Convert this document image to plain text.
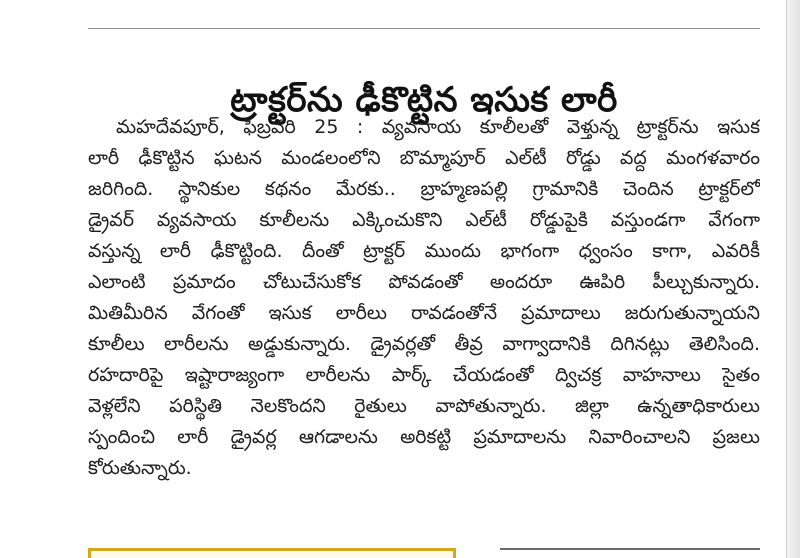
ట్రాక్టర్‌ను ఢీకొట్టిన ఇసుక లారీ
మహదేవపూర్, ఫిబ్రవరి 25 : వ్యవసాయ కూలీలతో వెళ్తున్న ట్రాక్టర్‌ను ఇసుక
లారీ ఢీకొట్టిన ఘటన మండలంలోని బొమ్మాపూర్ ఎల్‌టీ రోడ్డు వద్ద మంగళవారం
జరిగింది. స్థానికుల కథనం మేరకు.. బ్రాహ్మణపల్లి గ్రామానికి చెందిన ట్రాక్టర్‌లో
డ్రైవర్ వ్యవసాయ కూలీలను ఎక్కించుకొని ఎల్‌టీ రోడ్డుపైకి వస్తుండగా వేగంగా
వస్తున్న లారీ ఢీకొట్టింది. దీంతో ట్రాక్టర్ ముందు భాగంగా ధ్వంసం కాగా, ఎవరికీ
ఎలాంటి ప్రమాదం చోటుచేసుకోక పోవడంతో అందరూ ఊపిరి పీల్చుకున్నారు.
మితిమీరిన వేగంతో ఇసుక లారీలు రావడంతోనే ప్రమాదాలు జరుగుతున్నాయని
కూలీలు లారీలను అడ్డుకున్నారు. డ్రైవర్లతో తీవ్ర వాగ్వాదానికి దిగినట్లు తెలిసింది.
రహదారిపై ఇష్టారాజ్యంగా లారీలను పార్క్ చేయడంతో ద్విచక్ర వాహనాలు సైతం
వెళ్లలేని పరిస్థితి నెలకొందని రైతులు వాపోతున్నారు. జిల్లా ఉన్నతాధికారులు
స్పందించి లారీ డ్రైవర్ల ఆగడాలను అరికట్టి ప్రమాదాలను నివారించాలని ప్రజలు
కోరుతున్నారు.
